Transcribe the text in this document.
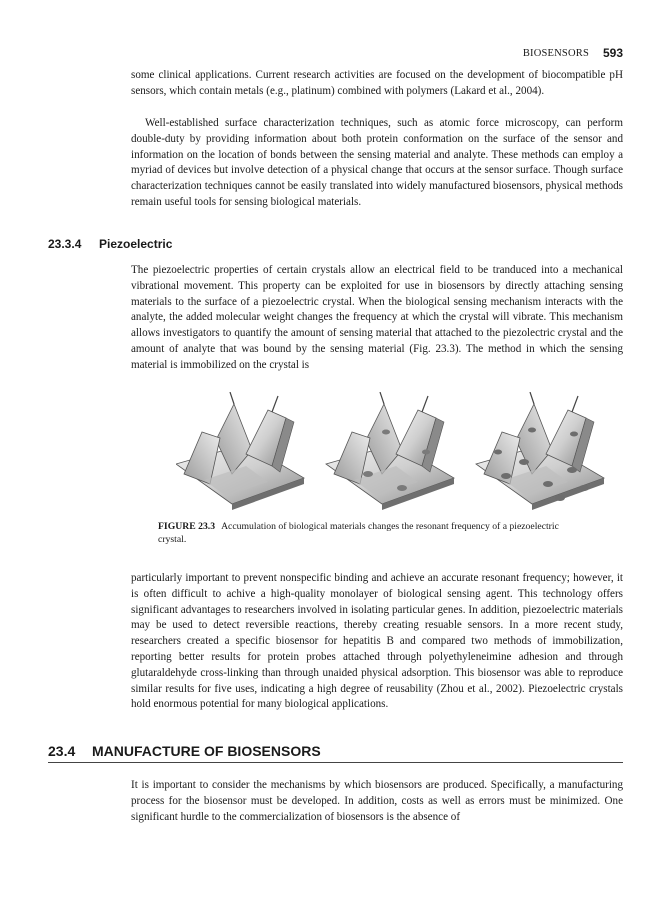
BIOSENSORS 593

some clinical applications. Current research activities are focused on the development of biocompatible pH sensors, which contain metals (e.g., platinum) combined with polymers (Lakard et al., 2004).

Well-established surface characterization techniques, such as atomic force microscopy, can perform double-duty by providing information about both protein conformation on the surface of the sensor and information on the location of bonds between the sensing material and analyte. These methods can employ a myriad of devices but involve detection of a physical change that occurs at the sensor surface. Though surface characterization techniques cannot be easily translated into widely manufactured biosensors, physical methods remain useful tools for sensing biological materials.

23.3.4 Piezoelectric

The piezoelectric properties of certain crystals allow an electrical field to be tranduced into a mechanical vibrational movement. This property can be exploited for use in biosensors by directly attaching sensing materials to the surface of a piezoelectric crystal. When the biological sensing mechanism interacts with the analyte, the added molecular weight changes the frequency at which the crystal will vibrate. This mechanism allows investigators to quantify the amount of sensing material that attached to the piezolectric crystal and the amount of analyte that was bound by the sensing material (Fig. 23.3). The method in which the sensing material is immobilized on the crystal is

FIGURE 23.3 Accumulation of biological materials changes the resonant frequency of a piezoelectric crystal.

particularly important to prevent nonspecific binding and achieve an accurate resonant frequency; however, it is often difficult to achive a high-quality monolayer of biological sensing agent. This technology offers significant advantages to researchers involved in isolating particular genes. In addition, piezoelectric materials may be used to detect reversible reactions, thereby creating resuable sensors. In a more recent study, researchers created a specific biosensor for hepatitis B and compared two methods of immobilization, reporting better results for protein probes attached through polyethyleneimine adhesion and through glutaraldehyde cross-linking than through unaided physical adsorption. This biosensor was able to reproduce similar results for five uses, indicating a high degree of reusability (Zhou et al., 2002). Piezoelectric crystals hold enormous potential for many biological applications.

23.4 MANUFACTURE OF BIOSENSORS

It is important to consider the mechanisms by which biosensors are produced. Specifically, a manufacturing process for the biosensor must be developed. In addition, costs as well as errors must be minimized. One significant hurdle to the commercialization of biosensors is the absence of
